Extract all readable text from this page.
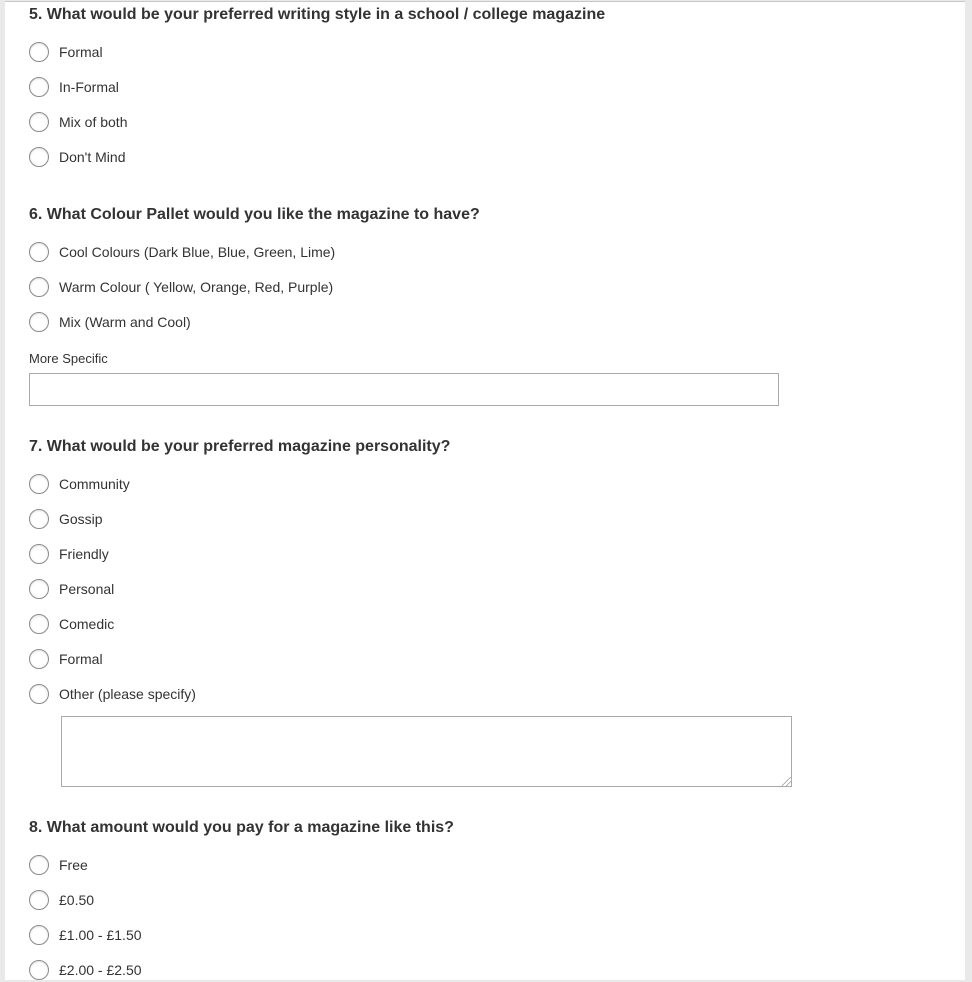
5. What would be your preferred writing style in a school / college magazine

Formal
In-Formal
Mix of both
Don't Mind

6. What Colour Pallet would you like the magazine to have?

Cool Colours (Dark Blue, Blue, Green, Lime)
Warm Colour ( Yellow, Orange, Red, Purple)
Mix (Warm and Cool)
More Specific

7. What would be your preferred magazine personality?

Community
Gossip
Friendly
Personal
Comedic
Formal
Other (please specify)

8. What amount would you pay for a magazine like this?

Free
£0.50
£1.00 - £1.50
£2.00 - £2.50
